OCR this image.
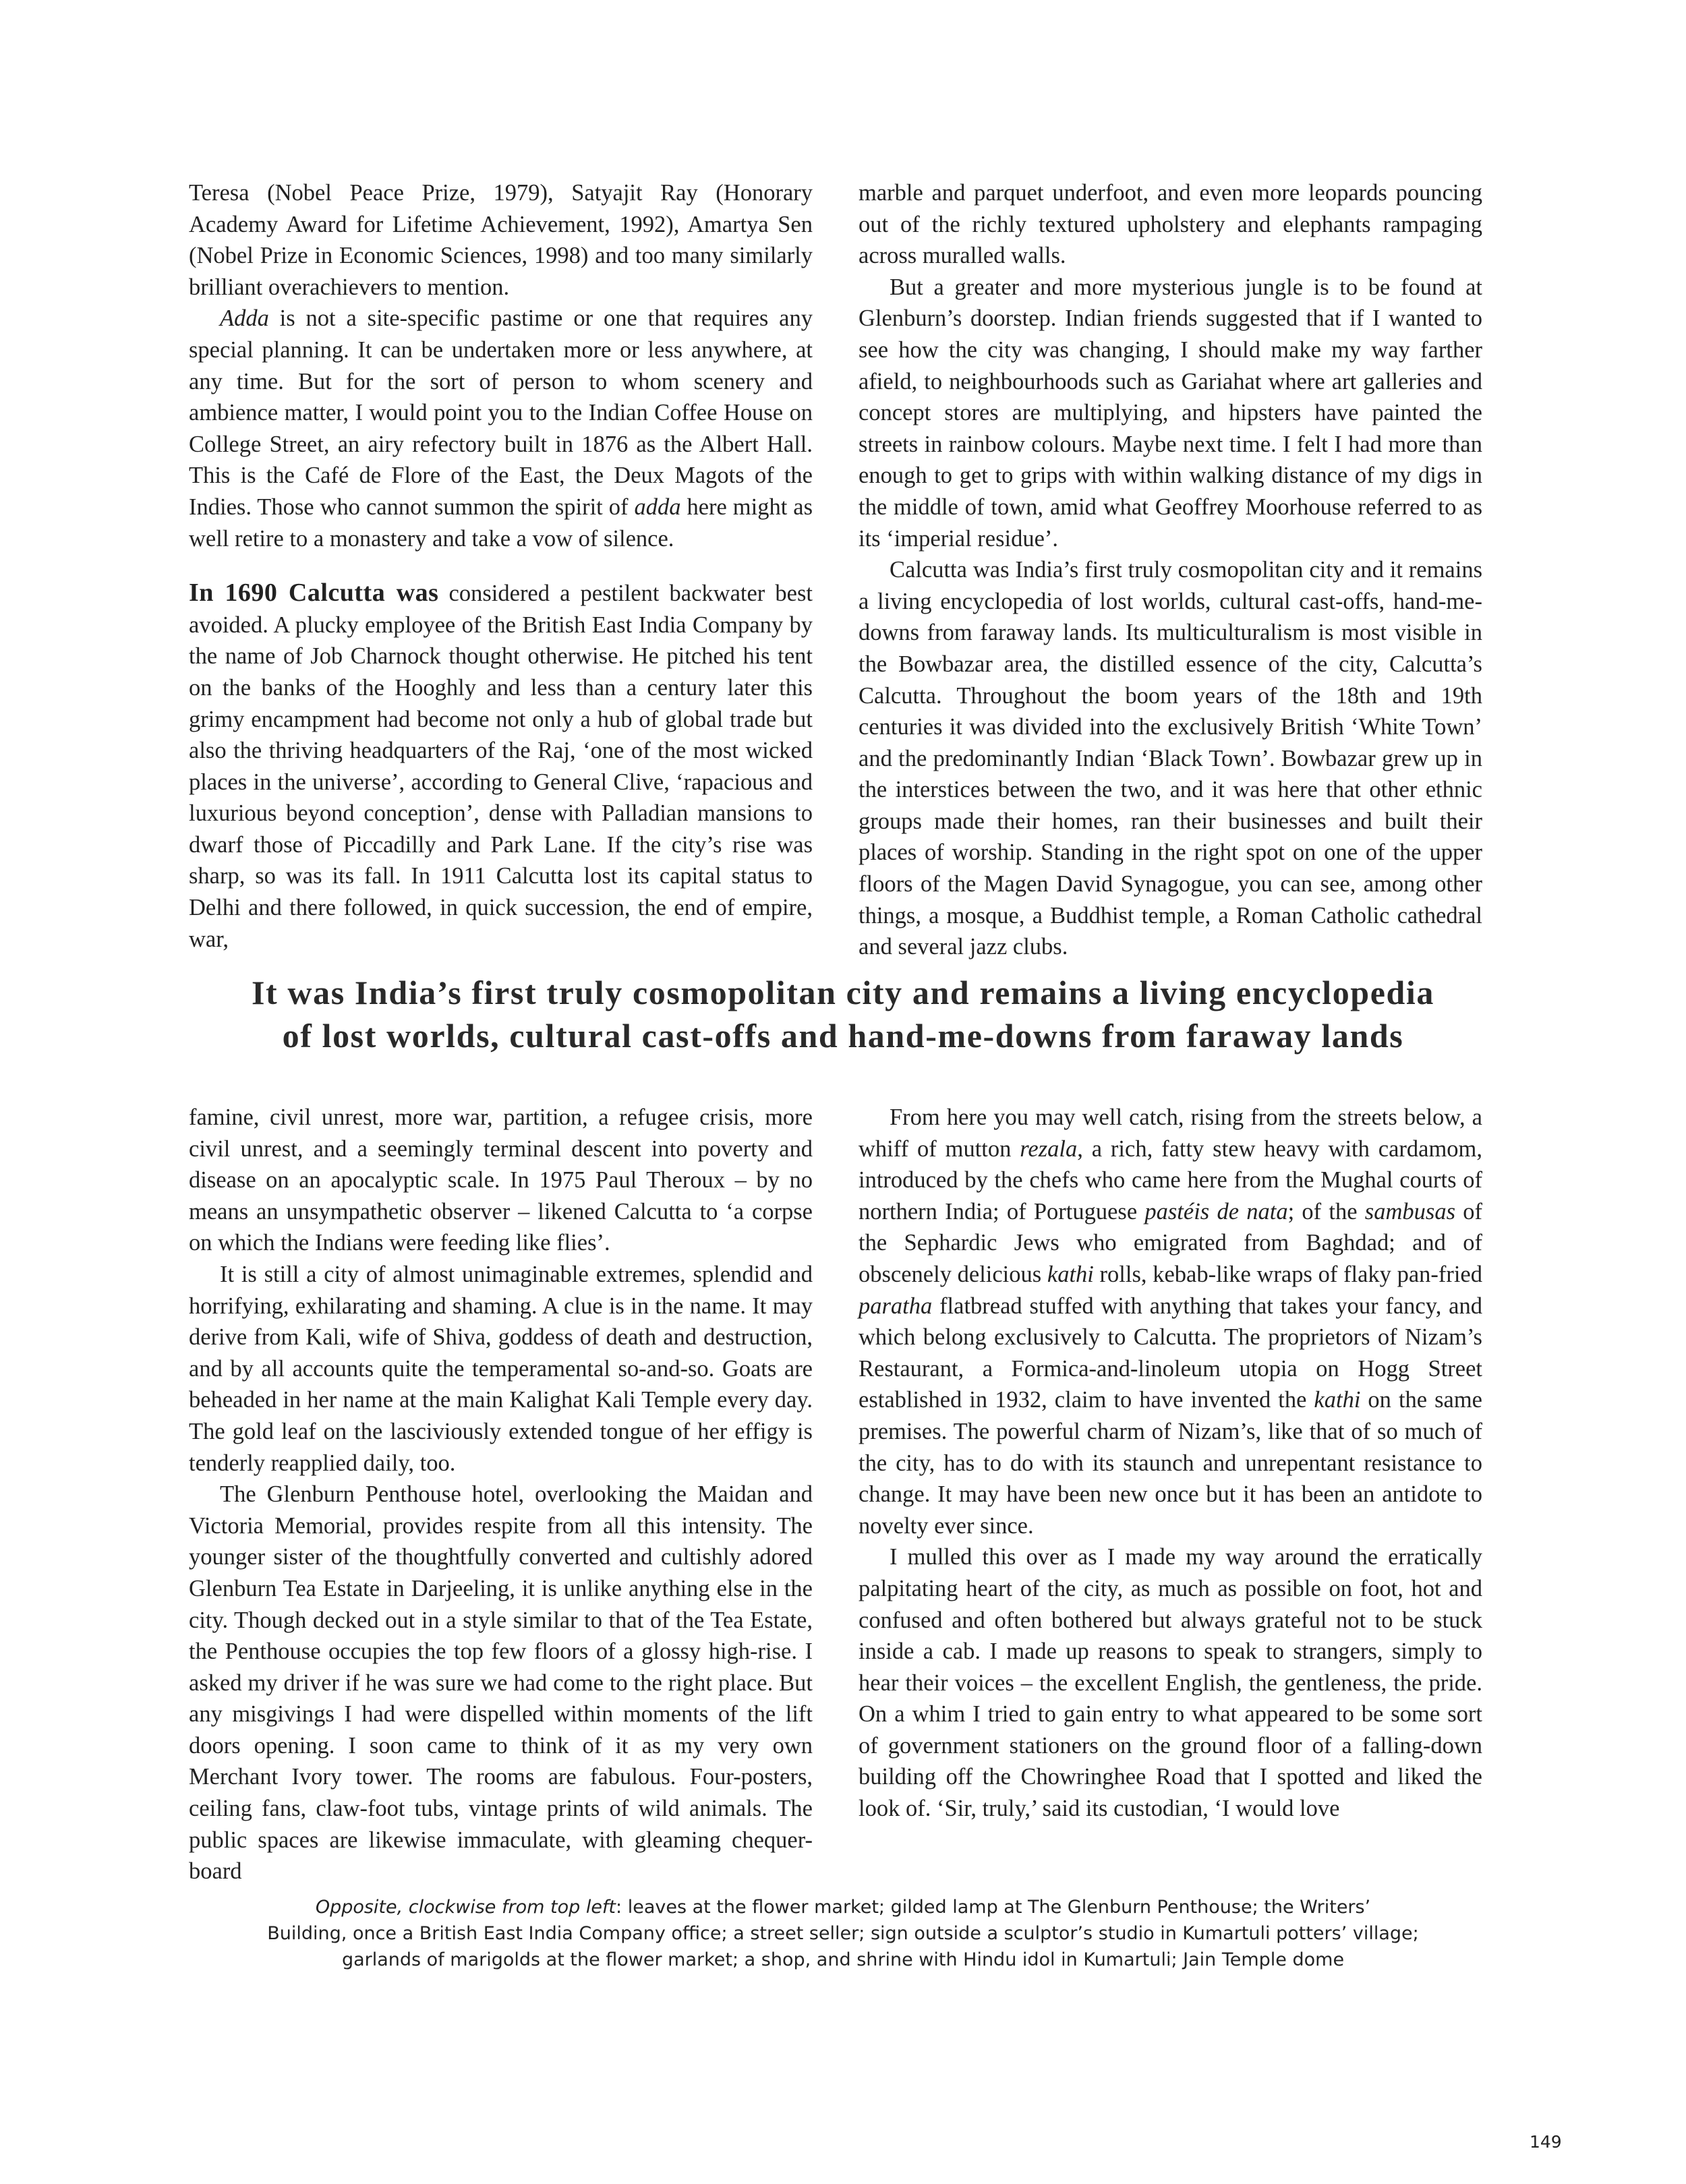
Teresa (Nobel Peace Prize, 1979), Satyajit Ray (Honorary Academy Award for Lifetime Achievement, 1992), Amartya Sen (Nobel Prize in Economic Sciences, 1998) and too many similarly brilliant overachievers to mention.

Adda is not a site-specific pastime or one that requires any special planning. It can be undertaken more or less anywhere, at any time. But for the sort of person to whom scenery and ambience matter, I would point you to the Indian Coffee House on College Street, an airy refectory built in 1876 as the Albert Hall. This is the Café de Flore of the East, the Deux Magots of the Indies. Those who cannot summon the spirit of adda here might as well retire to a monastery and take a vow of silence.

In 1690 Calcutta was considered a pestilent backwater best avoided. A plucky employee of the British East India Company by the name of Job Charnock thought otherwise. He pitched his tent on the banks of the Hooghly and less than a century later this grimy encampment had become not only a hub of global trade but also the thriving headquarters of the Raj, ‘one of the most wicked places in the universe’, according to General Clive, ‘rapacious and luxurious beyond conception’, dense with Palladian mansions to dwarf those of Piccadilly and Park Lane. If the city’s rise was sharp, so was its fall. In 1911 Calcutta lost its capital status to Delhi and there followed, in quick succession, the end of empire, war,

marble and parquet underfoot, and even more leopards pouncing out of the richly textured upholstery and elephants rampaging across muralled walls.

But a greater and more mysterious jungle is to be found at Glenburn’s doorstep. Indian friends suggested that if I wanted to see how the city was changing, I should make my way farther afield, to neighbourhoods such as Gariahat where art galleries and concept stores are multiplying, and hipsters have painted the streets in rainbow colours. Maybe next time. I felt I had more than enough to get to grips with within walking distance of my digs in the middle of town, amid what Geoffrey Moorhouse referred to as its ‘imperial residue’.

Calcutta was India’s first truly cosmopolitan city and it remains a living encyclopedia of lost worlds, cultural cast-offs, hand-me-downs from faraway lands. Its multiculturalism is most visible in the Bowbazar area, the distilled essence of the city, Calcutta’s Calcutta. Throughout the boom years of the 18th and 19th centuries it was divided into the exclusively British ‘White Town’ and the predominantly Indian ‘Black Town’. Bowbazar grew up in the interstices between the two, and it was here that other ethnic groups made their homes, ran their businesses and built their places of worship. Standing in the right spot on one of the upper floors of the Magen David Synagogue, you can see, among other things, a mosque, a Buddhist temple, a Roman Catholic cathedral and several jazz clubs.

It was India’s first truly cosmopolitan city and remains a living encyclopedia
of lost worlds, cultural cast-offs and hand-me-downs from faraway lands

famine, civil unrest, more war, partition, a refugee crisis, more civil unrest, and a seemingly terminal descent into poverty and disease on an apocalyptic scale. In 1975 Paul Theroux – by no means an unsympathetic observer – likened Calcutta to ‘a corpse on which the Indians were feeding like flies’.

It is still a city of almost unimaginable extremes, splendid and horrifying, exhilarating and shaming. A clue is in the name. It may derive from Kali, wife of Shiva, goddess of death and destruction, and by all accounts quite the temperamental so-and-so. Goats are beheaded in her name at the main Kalighat Kali Temple every day. The gold leaf on the lasciviously extended tongue of her effigy is tenderly reapplied daily, too.

The Glenburn Penthouse hotel, overlooking the Maidan and Victoria Memorial, provides respite from all this intensity. The younger sister of the thoughtfully converted and cultishly adored Glenburn Tea Estate in Darjeeling, it is unlike anything else in the city. Though decked out in a style similar to that of the Tea Estate, the Penthouse occupies the top few floors of a glossy high-rise. I asked my driver if he was sure we had come to the right place. But any misgivings I had were dispelled within moments of the lift doors opening. I soon came to think of it as my very own Merchant Ivory tower. The rooms are fabulous. Four-posters, ceiling fans, claw-foot tubs, vintage prints of wild animals. The public spaces are likewise immaculate, with gleaming chequer-board

From here you may well catch, rising from the streets below, a whiff of mutton rezala, a rich, fatty stew heavy with cardamom, introduced by the chefs who came here from the Mughal courts of northern India; of Portuguese pastéis de nata; of the sambusas of the Sephardic Jews who emigrated from Baghdad; and of obscenely delicious kathi rolls, kebab-like wraps of flaky pan-fried paratha flatbread stuffed with anything that takes your fancy, and which belong exclusively to Calcutta. The proprietors of Nizam’s Restaurant, a Formica-and-linoleum utopia on Hogg Street established in 1932, claim to have invented the kathi on the same premises. The powerful charm of Nizam’s, like that of so much of the city, has to do with its staunch and unrepentant resistance to change. It may have been new once but it has been an antidote to novelty ever since.

I mulled this over as I made my way around the erratically palpitating heart of the city, as much as possible on foot, hot and confused and often bothered but always grateful not to be stuck inside a cab. I made up reasons to speak to strangers, simply to hear their voices – the excellent English, the gentleness, the pride. On a whim I tried to gain entry to what appeared to be some sort of government stationers on the ground floor of a falling-down building off the Chowringhee Road that I spotted and liked the look of. ‘Sir, truly,’ said its custodian, ‘I would love

Opposite, clockwise from top left: leaves at the flower market; gilded lamp at The Glenburn Penthouse; the Writers’
Building, once a British East India Company office; a street seller; sign outside a sculptor’s studio in Kumartuli potters’ village;
garlands of marigolds at the flower market; a shop, and shrine with Hindu idol in Kumartuli; Jain Temple dome
149
